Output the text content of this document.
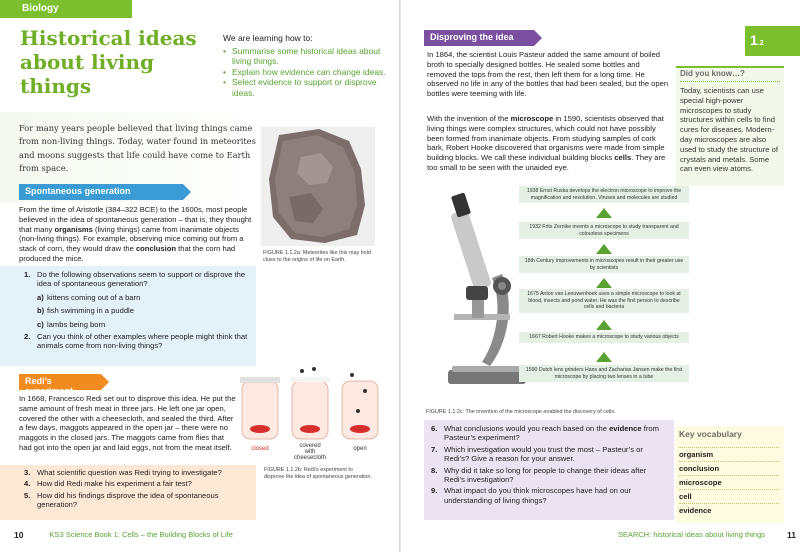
Biology
Historical ideas
about living things
We are learning how to:
• Summarise some historical ideas about living things.
• Explain how evidence can change ideas.
• Select evidence to support or disprove ideas.
For many years people believed that living things came from non-living things. Today, water found in meteorites and moons suggests that life could have come to Earth from space.
FIGURE 1.1.2a: Meteorites like this may hold clues to the origins of life on Earth.
Spontaneous generation
From the time of Aristotle (384–322 BCE) to the 1600s, most people believed in the idea of spontaneous generation – that is, they thought that many organisms (living things) came from inanimate objects (non-living things). For example, observing mice coming out from a stack of corn, they would draw the conclusion that the corn had produced the mice.
1. Do the following observations seem to support or disprove the idea of spontaneous generation?
a) kittens coming out of a barn
b) fish swimming in a puddle
c) lambs being born
2. Can you think of other examples where people might think that animals come from non-living things?
Redi’s experiment
In 1668, Francesco Redi set out to disprove this idea. He put the same amount of fresh meat in three jars. He left one jar open, covered the other with a cheesecloth, and sealed the third. After a few days, maggots appeared in the open jar – there were no maggots in the closed jars. The maggots came from flies that had got into the open jar and laid eggs, not from the meat itself.	closed	covered
with
cheesecloth
open
FIGURE 1.1.2b: Redi’s experiment to disprove the idea of spontaneous generation.
3. What scientific question was Redi trying to investigate?
4. How did Redi make his experiment a fair test?
5. How did his findings disprove the idea of spontaneous generation?
10	KS3 Science Book 1: Cells – the Building Blocks of Life
Disproving the idea
In 1864, the scientist Louis Pasteur added the same amount of boiled broth to specially designed bottles. He sealed some bottles and removed the tops from the rest, then left them for a long time. He observed no life in any of the bottles that had been sealed, but the open bottles were teeming with life.
With the invention of the microscope in 1590, scientists observed that living things were complex structures, which could not have possibly been formed from inanimate objects. From studying samples of cork bark, Robert Hooke discovered that organisms were made from simple building blocks. We call these individual building blocks cells. They are too small to be seen with the unaided eye.
1.2
Did you know…?
Today, scientists can use special high-power microscopes to study structures within cells to find cures for diseases. Modern-day microscopes are also used to study the structure of crystals and metals. Some can even view atoms.
1938 Ernst Ruska develops the electron microscope to improve the magnification and resolution. Viruses and molecules are studied
1932 Frits Zernike invents a microscope to study transparent and colourless specimens
18th Century improvements in microscopes result in their greater use by scientists
1675 Anton van Leeuwenhoek uses a simple microscope to look at blood, insects and pond water. He was the first person to describe cells and bacteria
1667 Robert Hooke makes a microscope to study various objects
1590 Dutch lens grinders Hans and Zacharias Jansen make the first microscope by placing two lenses in a tube
FIGURE 1.1.2c: The invention of the microscope enabled the discovery of cells.
6. What conclusions would you reach based on the evidence from Pasteur’s experiment?
7. Which investigation would you trust the most – Pasteur’s or Redi’s? Give a reason for your answer.
8. Why did it take so long for people to change their ideas after Redi’s investigation?
9. What impact do you think microscopes have had on our understanding of living things?
Key vocabulary
organism
conclusion
microscope
cell
evidence
SEARCH: historical ideas about living things	11
